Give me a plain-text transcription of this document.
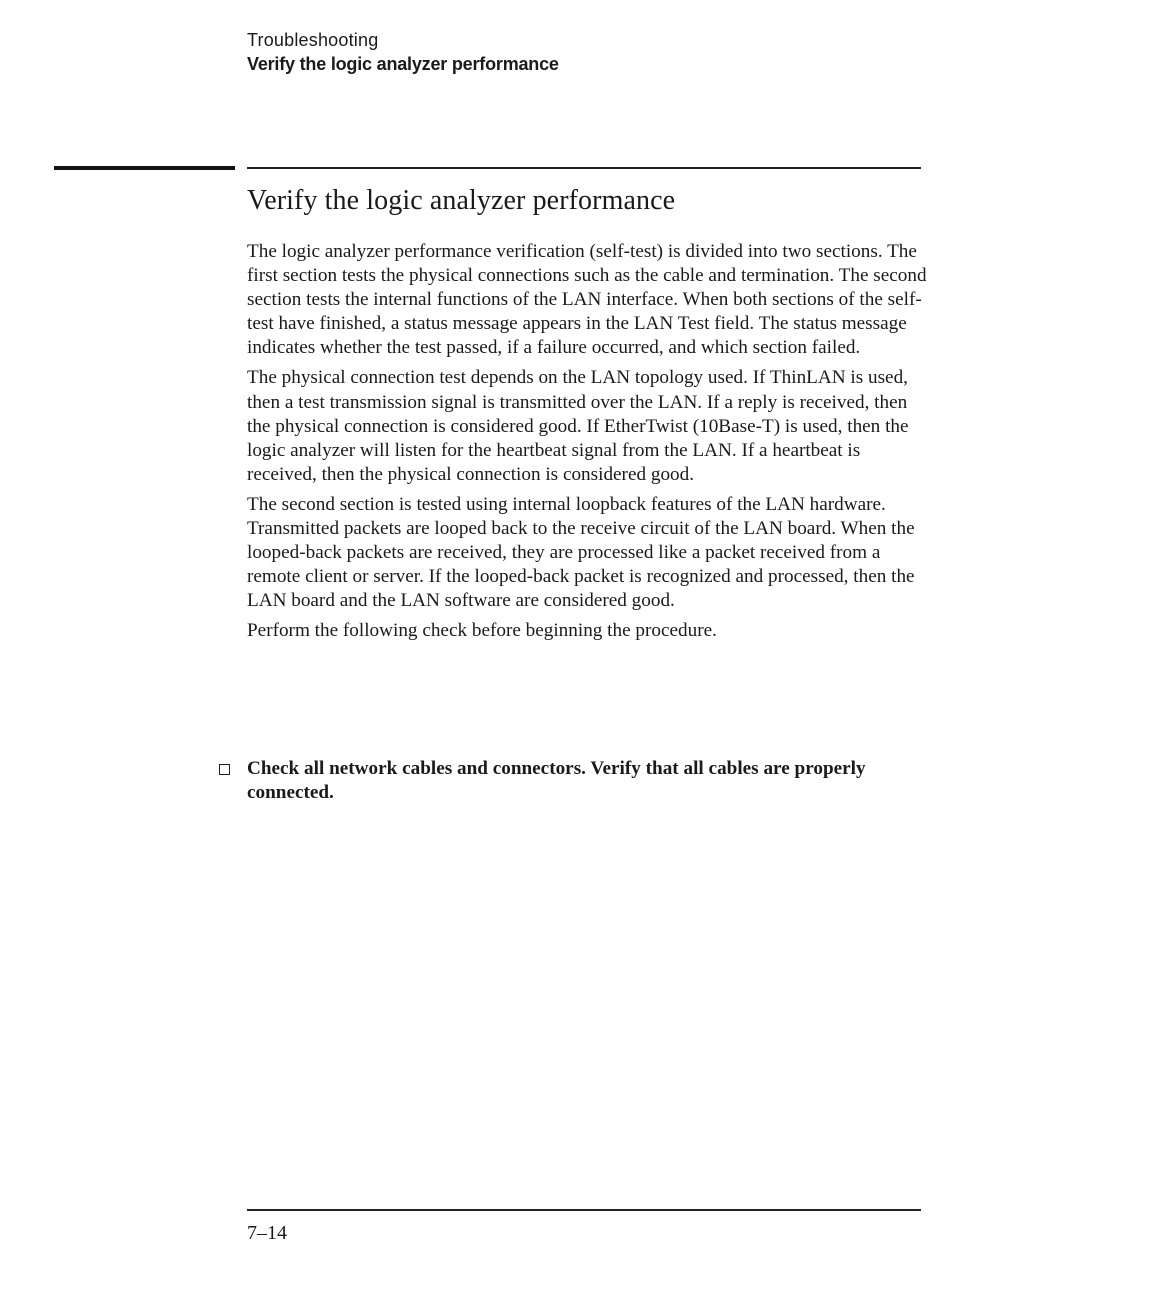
Troubleshooting
Verify the logic analyzer performance
Verify the logic analyzer performance

The logic analyzer performance verification (self-test) is divided into two sections. The first section tests the physical connections such as the cable and termination. The second section tests the internal functions of the LAN interface. When both sections of the self-test have finished, a status message appears in the LAN Test field. The status message indicates whether the test passed, if a failure occurred, and which section failed.

The physical connection test depends on the LAN topology used. If ThinLAN is used, then a test transmission signal is transmitted over the LAN. If a reply is received, then the physical connection is considered good. If EtherTwist (10Base-T) is used, then the logic analyzer will listen for the heartbeat signal from the LAN. If a heartbeat is received, then the physical connection is considered good.

The second section is tested using internal loopback features of the LAN hardware. Transmitted packets are looped back to the receive circuit of the LAN board. When the looped-back packets are received, they are processed like a packet received from a remote client or server. If the looped-back packet is recognized and processed, then the LAN board and the LAN software are considered good.

Perform the following check before beginning the procedure.

Check all network cables and connectors. Verify that all cables are properly connected.
7–14
